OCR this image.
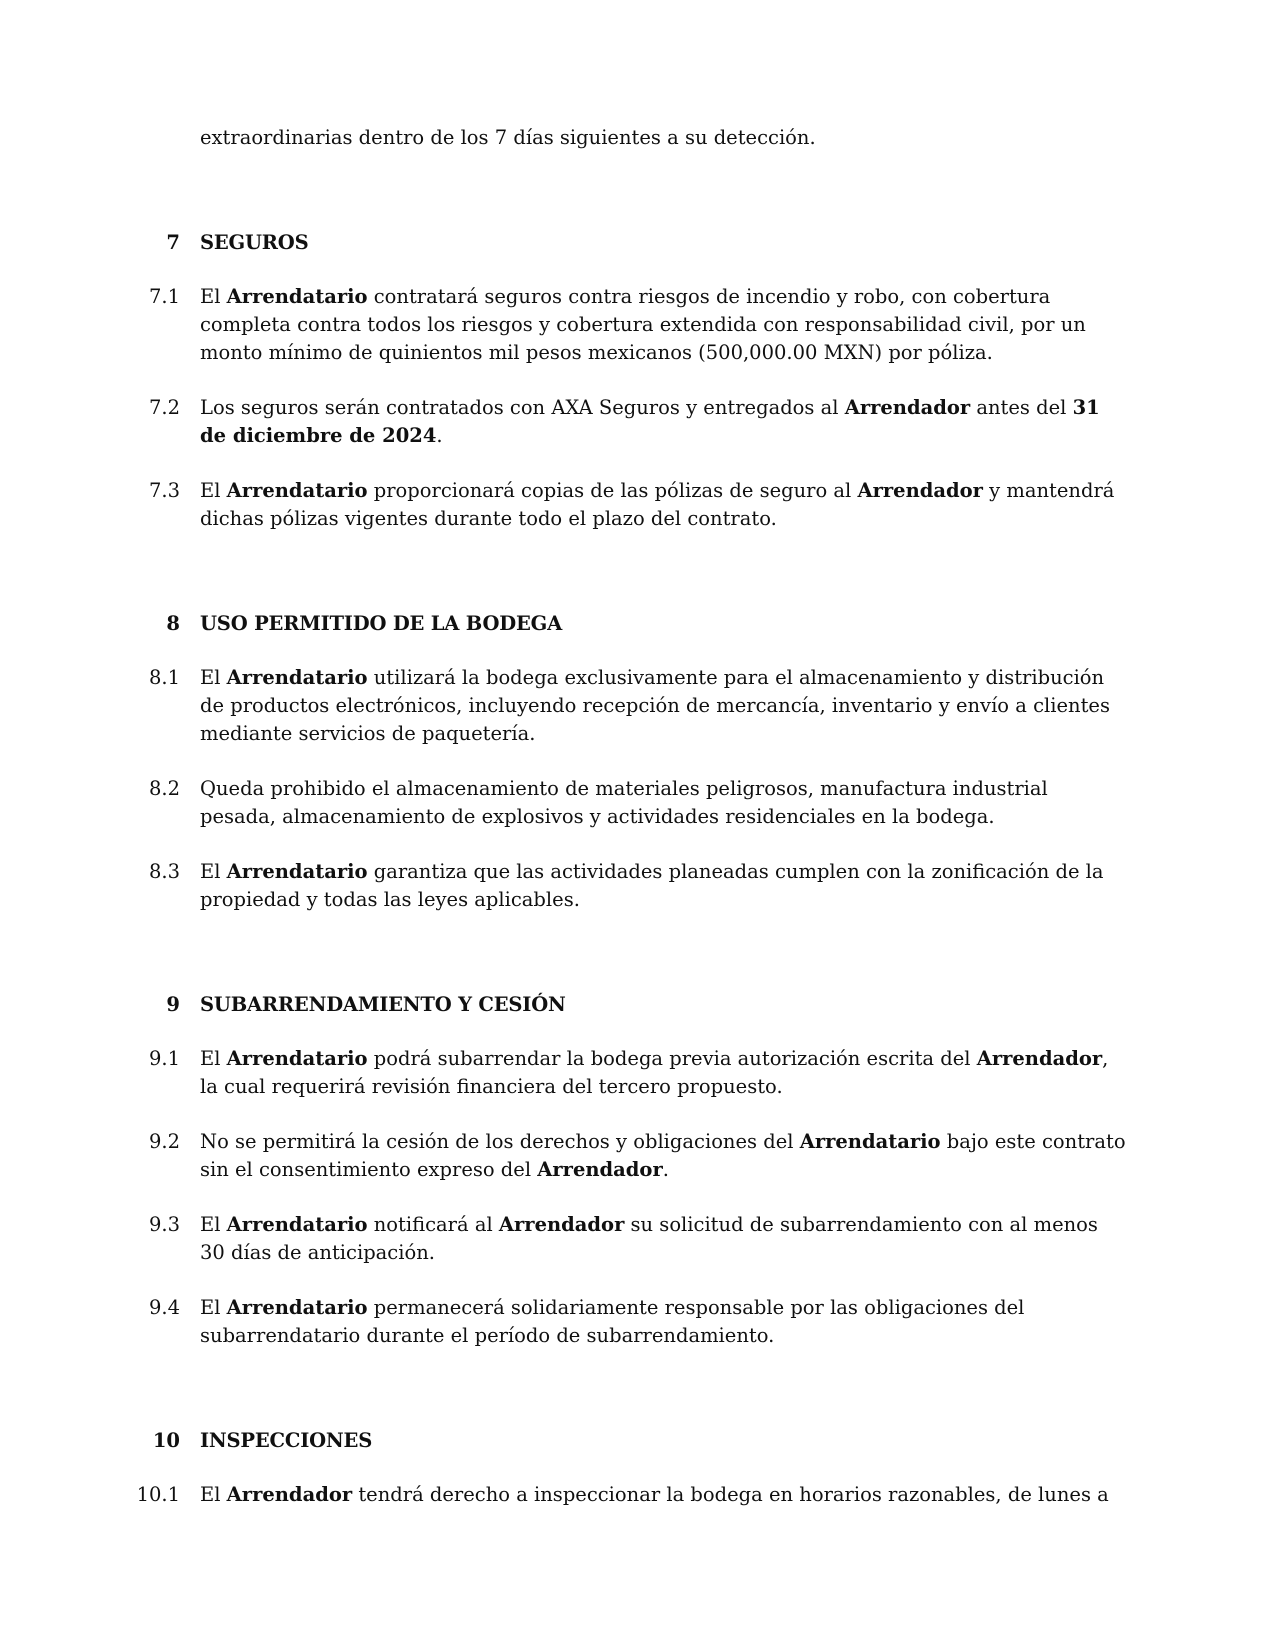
extraordinarias dentro de los 7 días siguientes a su detección.

7 SEGUROS
7.1 El Arrendatario contratará seguros contra riesgos de incendio y robo, con cobertura completa contra todos los riesgos y cobertura extendida con responsabilidad civil, por un monto mínimo de quinientos mil pesos mexicanos (500,000.00 MXN) por póliza.

7.2 Los seguros serán contratados con AXA Seguros y entregados al Arrendador antes del 31 de diciembre de 2024.

7.3 El Arrendatario proporcionará copias de las pólizas de seguro al Arrendador y mantendrá dichas pólizas vigentes durante todo el plazo del contrato.

8 USO PERMITIDO DE LA BODEGA
8.1 El Arrendatario utilizará la bodega exclusivamente para el almacenamiento y distribución de productos electrónicos, incluyendo recepción de mercancía, inventario y envío a clientes mediante servicios de paquetería.

8.2 Queda prohibido el almacenamiento de materiales peligrosos, manufactura industrial pesada, almacenamiento de explosivos y actividades residenciales en la bodega.

8.3 El Arrendatario garantiza que las actividades planeadas cumplen con la zonificación de la propiedad y todas las leyes aplicables.

9 SUBARRENDAMIENTO Y CESIÓN
9.1 El Arrendatario podrá subarrendar la bodega previa autorización escrita del Arrendador, la cual requerirá revisión financiera del tercero propuesto.

9.2 No se permitirá la cesión de los derechos y obligaciones del Arrendatario bajo este contrato sin el consentimiento expreso del Arrendador.

9.3 El Arrendatario notificará al Arrendador su solicitud de subarrendamiento con al menos 30 días de anticipación.

9.4 El Arrendatario permanecerá solidariamente responsable por las obligaciones del subarrendatario durante el período de subarrendamiento.

10 INSPECCIONES
10.1 El Arrendador tendrá derecho a inspeccionar la bodega en horarios razonables, de lunes a
